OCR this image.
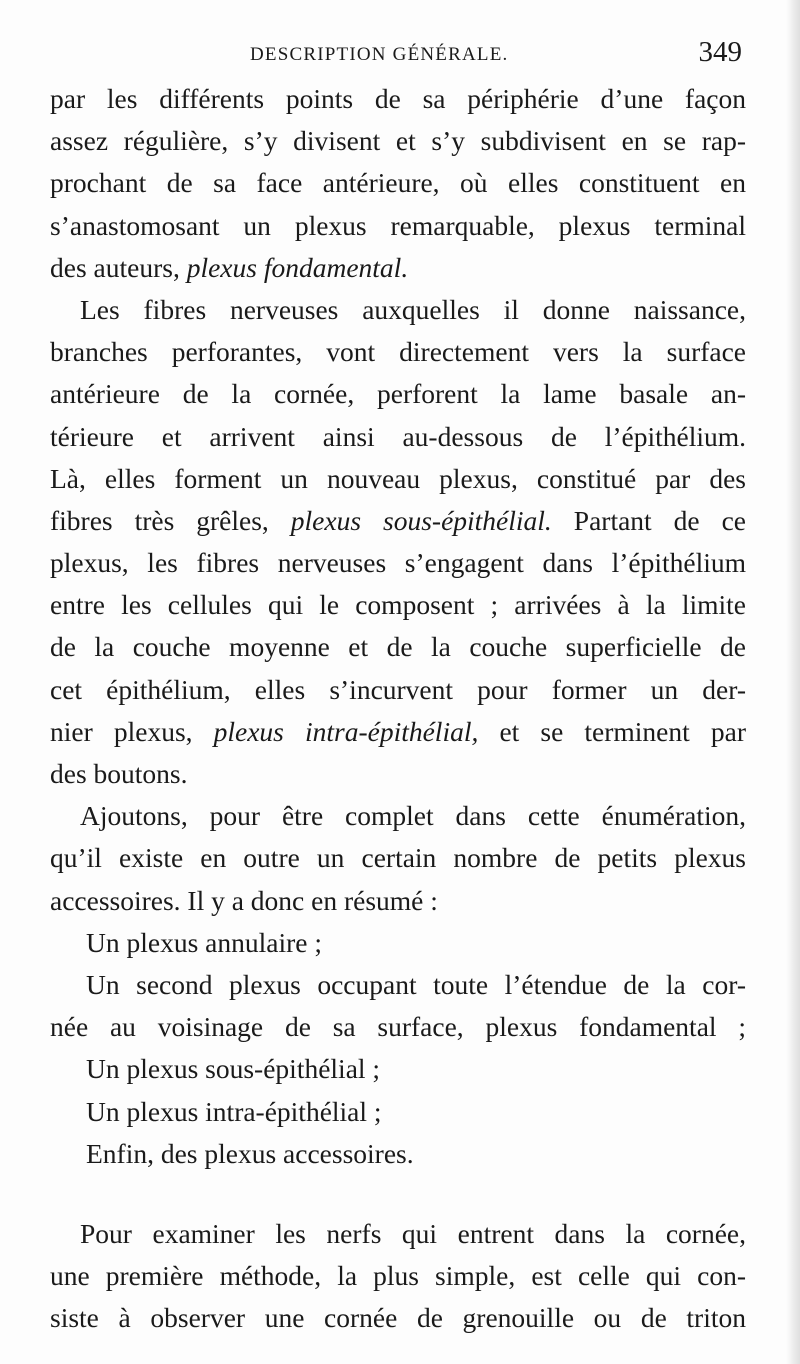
DESCRIPTION GÉNÉRALE.	349
par les différents points de sa périphérie d’une façon
assez régulière, s’y divisent et s’y subdivisent en se rap-
prochant de sa face antérieure, où elles constituent en
s’anastomosant un plexus remarquable, plexus terminal
des auteurs, plexus fondamental.
Les fibres nerveuses auxquelles il donne naissance,
branches perforantes, vont directement vers la surface
antérieure de la cornée, perforent la lame basale an-
térieure et arrivent ainsi au-dessous de l’épithélium.
Là, elles forment un nouveau plexus, constitué par des
fibres très grêles, plexus sous-épithélial. Partant de ce
plexus, les fibres nerveuses s’engagent dans l’épithélium
entre les cellules qui le composent ; arrivées à la limite
de la couche moyenne et de la couche superficielle de
cet épithélium, elles s’incurvent pour former un der-
nier plexus, plexus intra-épithélial, et se terminent par
des boutons.
Ajoutons, pour être complet dans cette énumération,
qu’il existe en outre un certain nombre de petits plexus
accessoires. Il y a donc en résumé :
Un plexus annulaire ;
Un second plexus occupant toute l’étendue de la cor-
née au voisinage de sa surface, plexus fondamental ;
Un plexus sous-épithélial ;
Un plexus intra-épithélial ;
Enfin, des plexus accessoires.
Pour examiner les nerfs qui entrent dans la cornée,
une première méthode, la plus simple, est celle qui con-
siste à observer une cornée de grenouille ou de triton
